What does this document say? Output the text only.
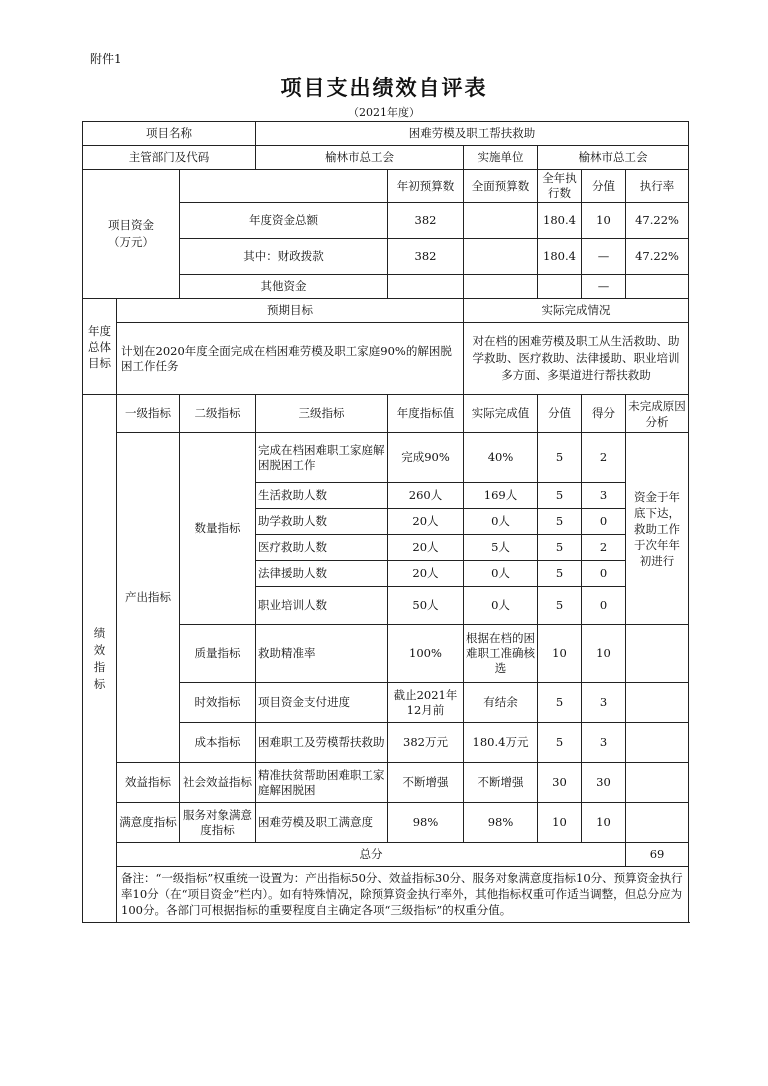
附件1
项目支出绩效自评表
（2021年度）
项目名称			困难劳模及职工帮扶救助						
主管部门及代码			榆林市总工会		实施单位	榆林市总工会			

项目资金（万元）				年初预算数	全面预算数	全年执行数	分值	执行率	
		年度资金总额		382		180.4	10	47.22%	
		其中：财政拨款		382		180.4	—	47.22%	
		其他资金					—		

年度总体目标	预期目标				实际完成情况				
	计划在2020年度全面完成在档困难劳模及职工家庭90%的解困脱困工作任务				对在档的困难劳模及职工从生活救助、助学救助、医疗救助、法律援助、职业培训多方面、多渠道进行帮扶救助				

绩效指标	一级指标	二级指标	三级指标	年度指标值	实际完成值	分值	得分	未完成原因分析	
	产出指标	数量指标	完成在档困难职工家庭解困脱困工作	完成90%	40%	5	2	资金于年底下达，救助工作于次年年初进行	
			生活救助人数	260人	169人	5	3		
			助学救助人数	20人	0人	5	0		
			医疗救助人数	20人	5人	5	2		
			法律援助人数	20人	0人	5	0		
			职业培训人数	50人	0人	5	0		
		质量指标	救助精准率	100%	根据在档的困难职工准确核选	10	10		
		时效指标	项目资金支付进度	截止2021年12月前	有结余	5	3		
		成本指标	困难职工及劳模帮扶救助	382万元	180.4万元	5	3		
	效益指标	社会效益指标	精准扶贫帮助困难职工家庭解困脱困	不断增强	不断增强	30	30		
	满意度指标	服务对象满意度指标	困难劳模及职工满意度	98%	98%	10	10		
	总分							69	
	备注：“一级指标”权重统一设置为：产出指标50分、效益指标30分、服务对象满意度指标10分、预算资金执行率10分（在“项目资金”栏内）。如有特殊情况，除预算资金执行率外，其他指标权重可作适当调整，但总分应为100分。各部门可根据指标的重要程度自主确定各项“三级指标”的权重分值。								
